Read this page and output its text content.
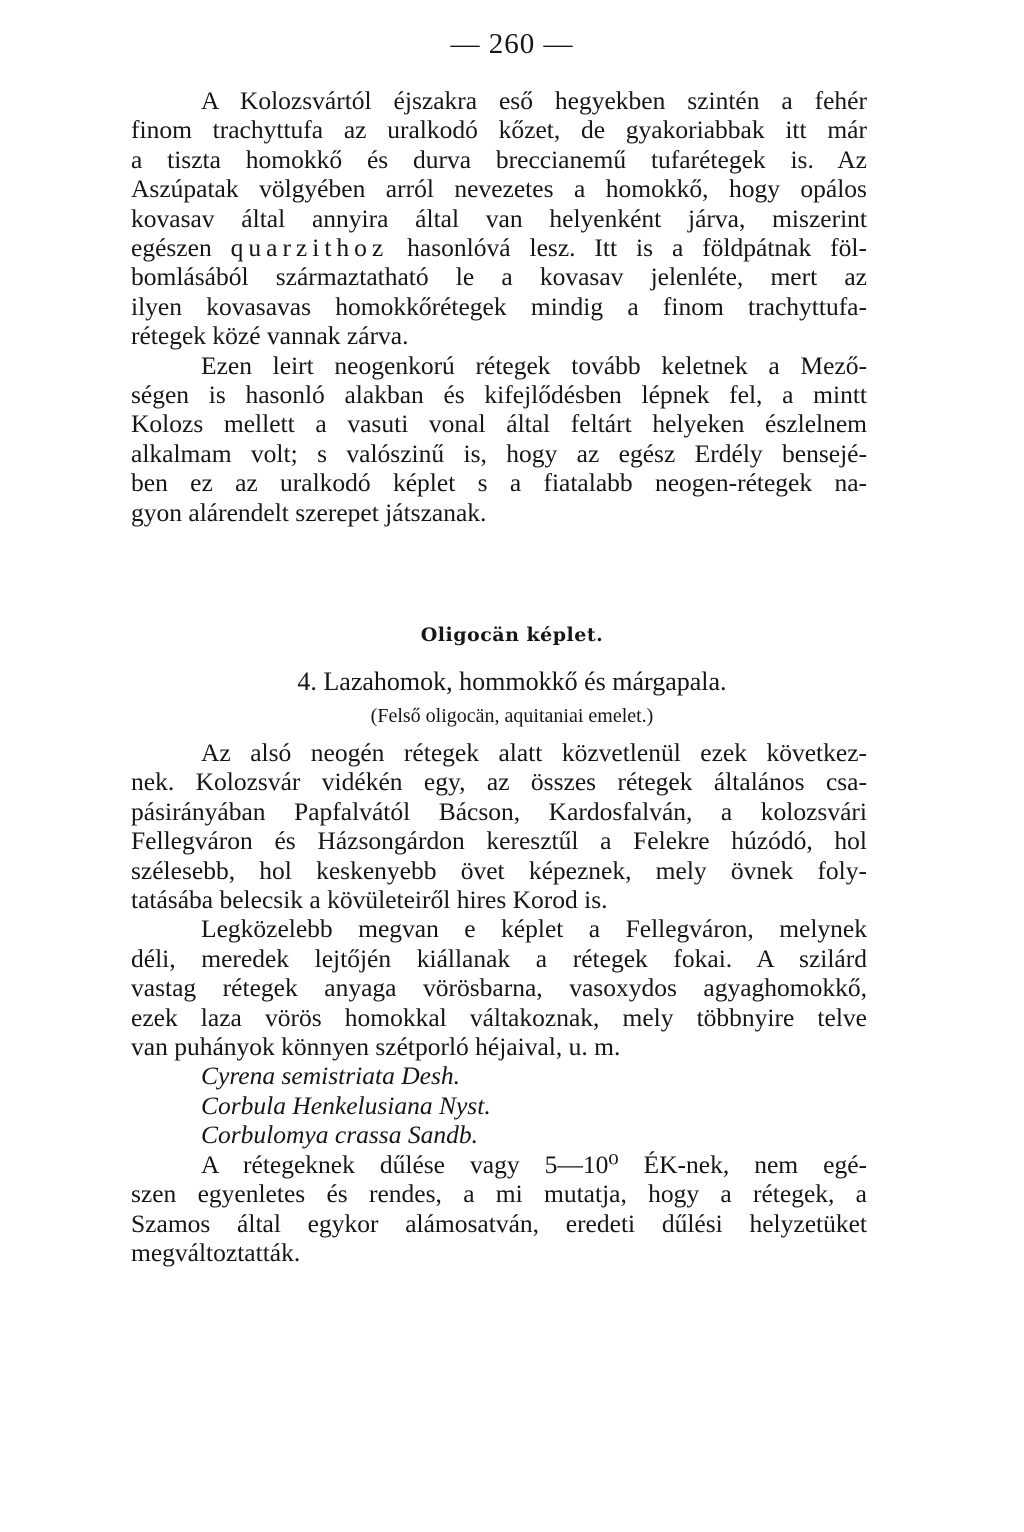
— 260 —
A Kolozsvártól éjszakra eső hegyekben szintén a fehér
finom trachyttufa az uralkodó kőzet, de gyakoriabbak itt már
a tiszta homokkő és durva breccianemű tufarétegek is. Az
Aszúpatak völgyében arról nevezetes a homokkő, hogy opálos
kovasav által annyira által van helyenként járva, miszerint
egészen quarzithoz hasonlóvá lesz. Itt is a földpátnak föl-
bomlásából származtatható le a kovasav jelenléte, mert az
ilyen kovasavas homokkőrétegek mindig a finom trachyttufa-
rétegek közé vannak zárva.
Ezen leirt neogenkorú rétegek tovább keletnek a Mező-
ségen is hasonló alakban és kifejlődésben lépnek fel, a mintt
Kolozs mellett a vasuti vonal által feltárt helyeken észlelnem
alkalmam volt; s valószinű is, hogy az egész Erdély bensejé-
ben ez az uralkodó képlet s a fiatalabb neogen-rétegek na-
gyon alárendelt szerepet játszanak.
Oligocän képlet.
4. Lazahomok, hommokkő és márgapala.
(Felső oligocän, aquitaniai emelet.)
Az alsó neogén rétegek alatt közvetlenül ezek következ-
nek. Kolozsvár vidékén egy, az összes rétegek általános csa-
pásirányában Papfalvától Bácson, Kardosfalván, a kolozsvári
Fellegváron és Házsongárdon keresztűl a Felekre húzódó, hol
szélesebb, hol keskenyebb övet képeznek, mely övnek foly-
tatásába belecsik a kövületeiről hires Korod is.
Legközelebb megvan e képlet a Fellegváron, melynek
déli, meredek lejtőjén kiállanak a rétegek fokai. A szilárd
vastag rétegek anyaga vörösbarna, vasoxydos agyaghomokkő,
ezek laza vörös homokkal váltakoznak, mely többnyire telve
van puhányok könnyen szétporló héjaival, u. m.
Cyrena semistriata Desh.
Corbula Henkelusiana Nyst.
Corbulomya crassa Sandb.
A rétegeknek dűlése vagy 5—10⁰ ÉK-nek, nem egé-
szen egyenletes és rendes, a mi mutatja, hogy a rétegek, a
Szamos által egykor alámosatván, eredeti dűlési helyzetüket
megváltoztatták.
